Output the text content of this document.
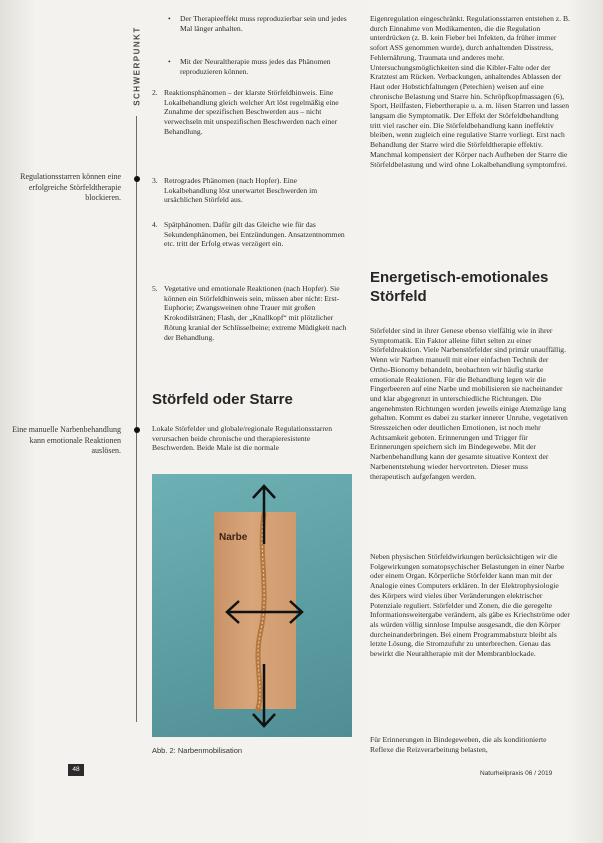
SCHWERPUNKT
Regulationsstarren können eine erfolgreiche Störfeldtherapie blockieren.
Eine manuelle Narbenbehandlung kann emotionale Reaktionen auslösen.
• Der Therapieeffekt muss reproduzierbar sein und jedes Mal länger anhalten.
• Mit der Neuraltherapie muss jedes das Phänomen reproduzieren können.
2. Reaktionsphänomen – der klarste Störfeldhinweis. Eine Lokalbehandlung gleich welcher Art löst regelmäßig eine Zunahme der spezifischen Beschwerden aus – nicht verwechseln mit unspezifischen Beschwerden nach einer Behandlung.
3. Retrogrades Phänomen (nach Hopfer). Eine Lokalbehandlung löst unerwartet Beschwerden im ursächlichen Störfeld aus.
4. Spätphänomen. Dafür gilt das Gleiche wie für das Sekundenphänomen, bei Entzündungen. Ansatzentnommen etc. tritt der Erfolg etwas verzögert ein.
5. Vegetative und emotionale Reaktionen (nach Hopfer). Sie können ein Störfeldhinweis sein, müssen aber nicht: Erst-Euphorie; Zwangsweinen ohne Trauer mit großen Krokodilstränen; Flash, der „Knallkopf“ mit plötzlicher Rötung kranial der Schlüsselbeine; extreme Müdigkeit nach der Behandlung.
Störfeld oder Starre
Lokale Störfelder und globale/regionale Regulationsstarren verursachen beide chronische und therapieresistente Beschwerden. Beide Male ist die normale
Narbe
Abb. 2: Narbenmobilisation
Eigenregulation eingeschränkt. Regulationsstarren entstehen z. B. durch Einnahme von Medikamenten, die die Regulation unterdrücken (z. B. kein Fieber bei Infekten, da früher immer sofort ASS genommen wurde), durch anhaltenden Disstress, Fehlernährung, Traumata und anderes mehr. Untersuchungsmöglichkeiten sind die Kibler-Falte oder der Kratztest am Rücken. Verbackungen, anhaltendes Ablassen der Haut oder Hobstichfaltungen (Petechien) weisen auf eine chronische Belastung und Starre hin. Schröpfkopfmassagen (6), Sport, Heilfasten, Fiebertherapie u. a. m. lösen Starren und lassen langsam die Symptomatik. Der Effekt der Störfeldbehandlung tritt viel rascher ein. Die Störfeldbehandlung kann ineffektiv bleiben, wenn zugleich eine regulative Starre vorliegt. Erst nach Behandlung der Starre wird die Störfeldtherapie effektiv. Manchmal kompensiert der Körper nach Aufheben der Starre die Störfeldbelastung und wird ohne Lokalbehandlung symptomfrei.
Energetisch-emotionales Störfeld
Störfelder sind in ihrer Genese ebenso vielfältig wie in ihrer Symptomatik. Ein Faktor alleine führt selten zu einer Störfeldreaktion. Viele Narbenstörfelder sind primär unauffällig. Wenn wir Narben manuell mit einer einfachen Technik der Ortho-Bionomy behandeln, beobachten wir häufig starke emotionale Reaktionen. Für die Behandlung legen wir die Fingerbeeren auf eine Narbe und mobilisieren sie nacheinander und klar abgegrenzt in unterschiedliche Richtungen. Die angenehmsten Richtungen werden jeweils einige Atemzüge lang gehalten. Kommt es dabei zu starker innerer Unruhe, vegetativen Stresszeichen oder deutlichen Emotionen, ist noch mehr Achtsamkeit geboten. Erinnerungen und Trigger für Erinnerungen speichern sich im Bindegewebe. Mit der Narbenbehandlung kann der gesamte situative Kontext der Narbenentstehung wieder hervortreten. Dieser muss therapeutisch aufgefangen werden.
Neben physischen Störfeldwirkungen berücksichtigen wir die Folgewirkungen somatopsychischer Belastungen in einer Narbe oder einem Organ. Körperliche Störfelder kann man mit der Analogie eines Computers erklären. In der Elektrophysiologie des Körpers wird vieles über Veränderungen elektrischer Potenziale reguliert. Störfelder und Zonen, die die geregelte Informationsweitergabe verändern, als gäbe es Kriechströme oder als würden völlig sinnlose Impulse ausgesandt, die den Körper durcheinanderbringen. Bei einem Programmabsturz bleibt als letzte Lösung, die Stromzufuhr zu unterbrechen. Genau das bewirkt die Neuraltherapie mit der Membranblockade.
Für Erinnerungen in Bindegeweben, die als konditionierte Reflexe die Reizverarbeitung belasten,
48
Naturheilpraxis 06 / 2019
